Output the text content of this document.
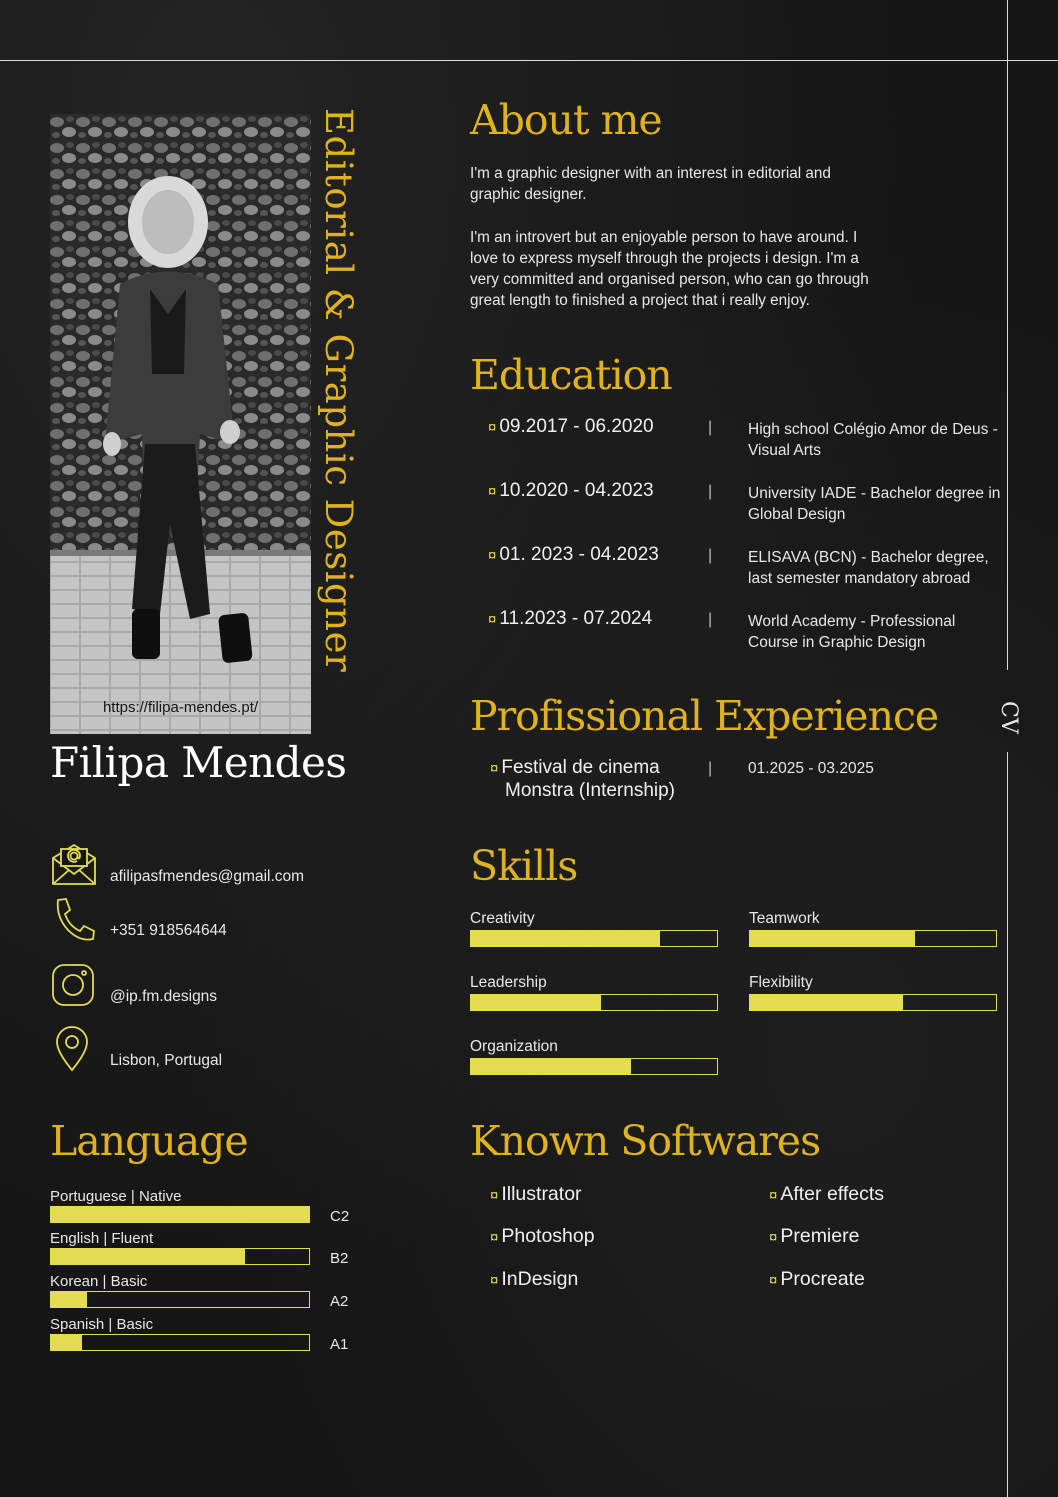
CV
https://filipa-mendes.pt/
Editorial & Graphic Designer
Filipa Mendes
afilipasfmendes@gmail.com
+351 918564644
@ip.fm.designs
Lisbon, Portugal
Language
Portuguese | Native
C2
English | Fluent
B2
Korean | Basic
A2
Spanish | Basic
A1
About me

I'm a graphic designer with an interest in editorial and graphic designer.

I'm an introvert but an enjoyable person to have around. I love to express myself through the projects i design. I'm a very committed and organised person, who can go through great length to finished a project that i really enjoy.

Education
¤ 09.2017 - 06.2020	| High school Colégio Amor de Deus - Visual Arts
¤ 10.2020 - 04.2023	| University IADE - Bachelor degree in Global Design
¤ 01. 2023 - 04.2023	| ELISAVA (BCN) - Bachelor degree, last semester mandatory abroad
¤ 11.2023 - 07.2024	| World Academy - Professional Course in Graphic Design
Profissional Experience
¤ Festival de cinema
Monstra (Internship)
| 01.2025 - 03.2025
Skills
Creativity	Teamwork
Leadership	Flexibility
Organization
Known Softwares
¤ Illustrator
¤ Photoshop
¤ InDesign
¤ After effects
¤ Premiere
¤ Procreate
